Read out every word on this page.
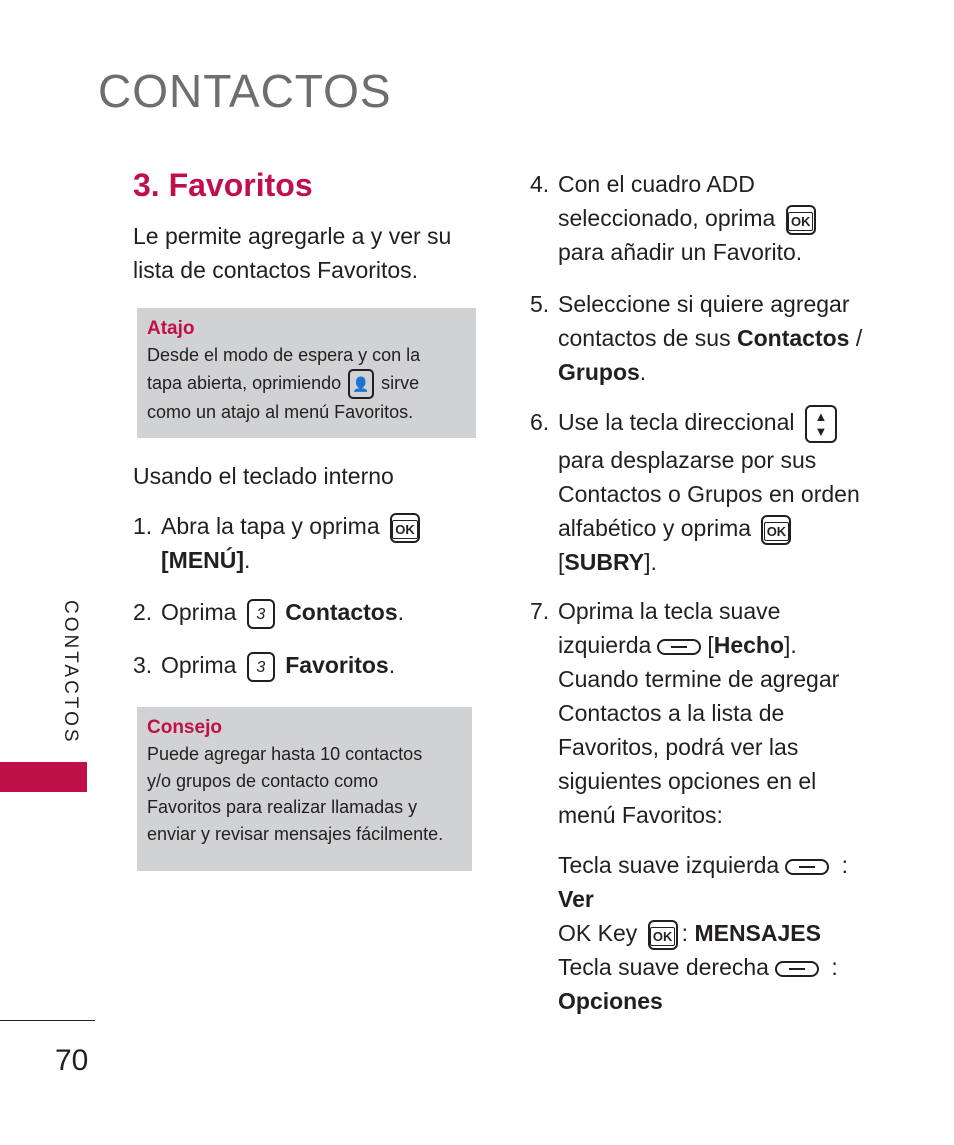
CONTACTOS
CONTACTOS
70
3. Favoritos
Le permite agregarle a y ver su
lista de contactos Favoritos.
Atajo
Desde el modo de espera y con la
tapa abierta, oprimiendo 👤 sirve
como un atajo al menú Favoritos.
Usando el teclado interno
1. Abra la tapa y oprima OK
[MENÚ].
2. Oprima 3 Contactos.
3. Oprima 3 Favoritos.
Consejo
Puede agregar hasta 10 contactos
y/o grupos de contacto como
Favoritos para realizar llamadas y
enviar y revisar mensajes fácilmente.
4. Con el cuadro ADD
seleccionado, oprima OK
para añadir un Favorito.
5. Seleccione si quiere agregar
contactos de sus Contactos /
Grupos.
6. Use la tecla direccional ▲
▼
para desplazarse por sus
Contactos o Grupos en orden
alfabético y oprima OK
[SUBRY].
7. Oprima la tecla suave
izquierda [Hecho].
Cuando termine de agregar
Contactos a la lista de
Favoritos, podrá ver las
siguientes opciones en el
menú Favoritos:
Tecla suave izquierda	:
Ver
OK Key OK : MENSAJES
Tecla suave derecha	:
Opciones
